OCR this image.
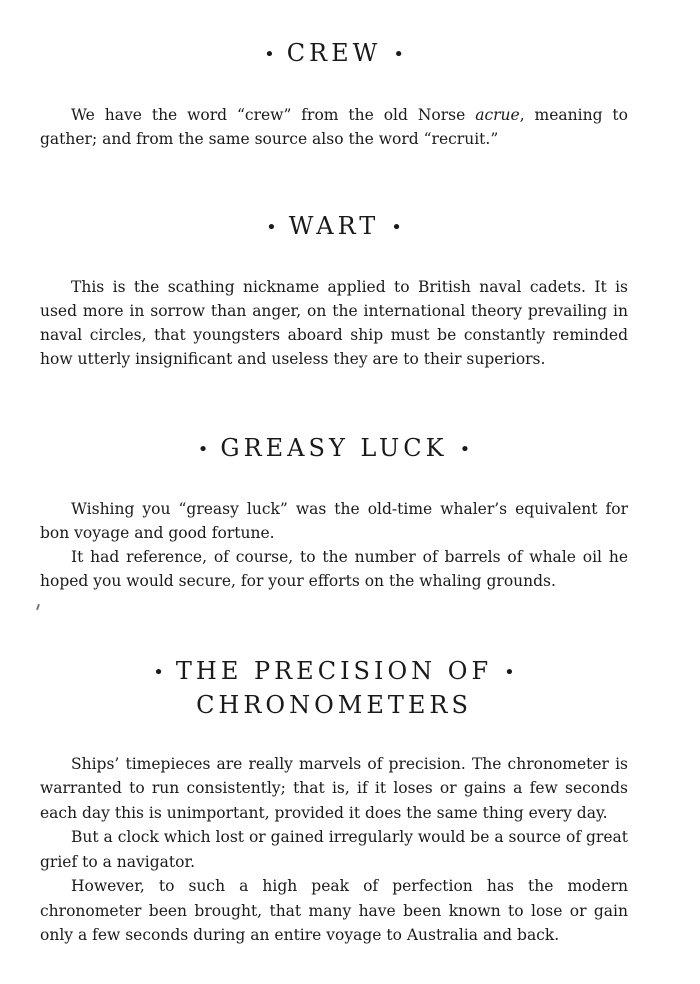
• CREW •

We have the word “crew” from the old Norse acrue, meaning to gather; and from the same source also the word “recruit.”

• WART •

This is the scathing nickname applied to British naval cadets. It is used more in sorrow than anger, on the international theory prevailing in naval circles, that youngsters aboard ship must be constantly reminded how utterly insignificant and useless they are to their superiors.

• GREASY LUCK •

Wishing you “greasy luck” was the old-time whaler’s equivalent for bon voyage and good fortune.

It had reference, of course, to the number of barrels of whale oil he hoped you would secure, for your efforts on the whaling grounds.

• THE PRECISION OF •
CHRONOMETERS

Ships’ timepieces are really marvels of precision. The chronometer is warranted to run consistently; that is, if it loses or gains a few seconds each day this is unimportant, provided it does the same thing every day.

But a clock which lost or gained irregularly would be a source of great grief to a navigator.

However, to such a high peak of perfection has the modern chronometer been brought, that many have been known to lose or gain only a few seconds during an entire voyage to Australia and back.
